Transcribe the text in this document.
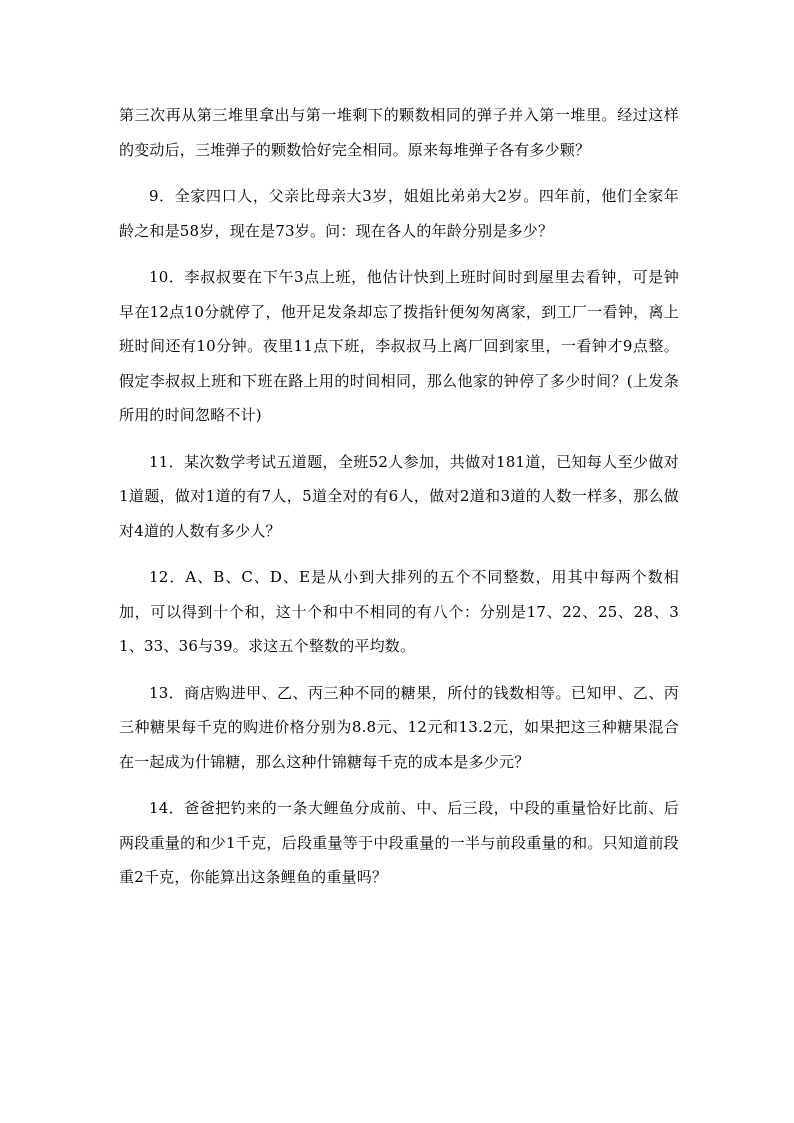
第三次再从第三堆里拿出与第一堆剩下的颗数相同的弹子并入第一堆里。经过这样的变动后，三堆弹子的颗数恰好完全相同。原来每堆弹子各有多少颗？

9．全家四口人，父亲比母亲大3岁，姐姐比弟弟大2岁。四年前，他们全家年龄之和是58岁，现在是73岁。问：现在各人的年龄分别是多少？

10．李叔叔要在下午3点上班，他估计快到上班时间时到屋里去看钟，可是钟早在12点10分就停了，他开足发条却忘了拨指针便匆匆离家，到工厂一看钟，离上班时间还有10分钟。夜里11点下班，李叔叔马上离厂回到家里，一看钟才9点整。假定李叔叔上班和下班在路上用的时间相同，那么他家的钟停了多少时间？(上发条所用的时间忽略不计)

11．某次数学考试五道题，全班52人参加，共做对181道，已知每人至少做对1道题，做对1道的有7人，5道全对的有6人，做对2道和3道的人数一样多，那么做对4道的人数有多少人？

12．A、B、C、D、E是从小到大排列的五个不同整数，用其中每两个数相加，可以得到十个和，这十个和中不相同的有八个：分别是17、22、25、28、31、33、36与39。求这五个整数的平均数。

13．商店购进甲、乙、丙三种不同的糖果，所付的钱数相等。已知甲、乙、丙三种糖果每千克的购进价格分别为8.8元、12元和13.2元，如果把这三种糖果混合在一起成为什锦糖，那么这种什锦糖每千克的成本是多少元？

14．爸爸把钓来的一条大鲤鱼分成前、中、后三段，中段的重量恰好比前、后两段重量的和少1千克，后段重量等于中段重量的一半与前段重量的和。只知道前段重2千克，你能算出这条鲤鱼的重量吗？
